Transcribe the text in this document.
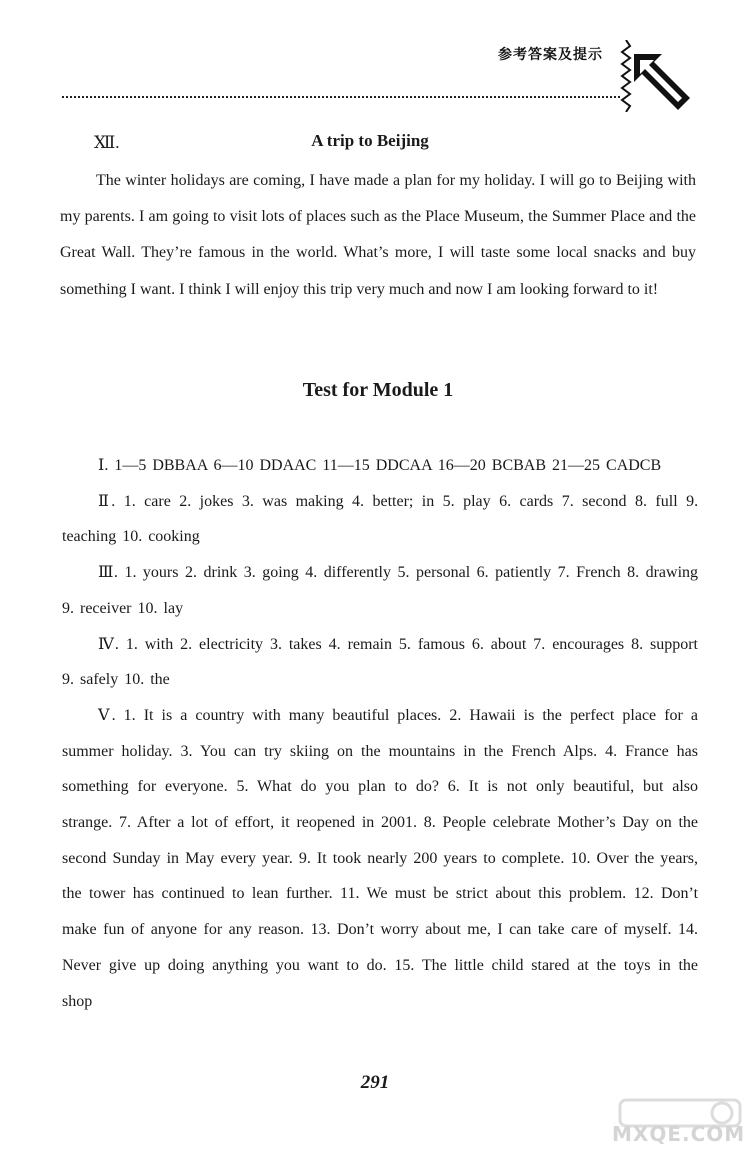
参考答案及提示
Ⅻ.	A trip to Beijing

The winter holidays are coming, I have made a plan for my holiday. I will go to Beijing with my parents. I am going to visit lots of places such as the Place Museum, the Summer Place and the Great Wall. They’re famous in the world. What’s more, I will taste some local snacks and buy something I want. I think I will enjoy this trip very much and now I am looking forward to it!

Test for Module 1

Ⅰ. 1—5 DBBAA 6—10 DDAAC 11—15 DDCAA 16—20 BCBAB 21—25 CADCB

Ⅱ. 1. care 2. jokes 3. was making 4. better; in 5. play 6. cards 7. second 8. full 9. teaching 10. cooking

Ⅲ. 1. yours 2. drink 3. going 4. differently 5. personal 6. patiently 7. French 8. drawing 9. receiver 10. lay

Ⅳ. 1. with 2. electricity 3. takes 4. remain 5. famous 6. about 7. encourages 8. support 9. safely 10. the

Ⅴ. 1. It is a country with many beautiful places. 2. Hawaii is the perfect place for a summer holiday. 3. You can try skiing on the mountains in the French Alps. 4. France has something for everyone. 5. What do you plan to do? 6. It is not only beautiful, but also strange. 7. After a lot of effort, it reopened in 2001. 8. People celebrate Mother’s Day on the second Sunday in May every year. 9. It took nearly 200 years to complete. 10. Over the years, the tower has continued to lean further. 11. We must be strict about this problem. 12. Don’t make fun of anyone for any reason. 13. Don’t worry about me, I can take care of myself. 14. Never give up doing anything you want to do. 15. The little child stared at the toys in the shop

291
MXQE.COM
